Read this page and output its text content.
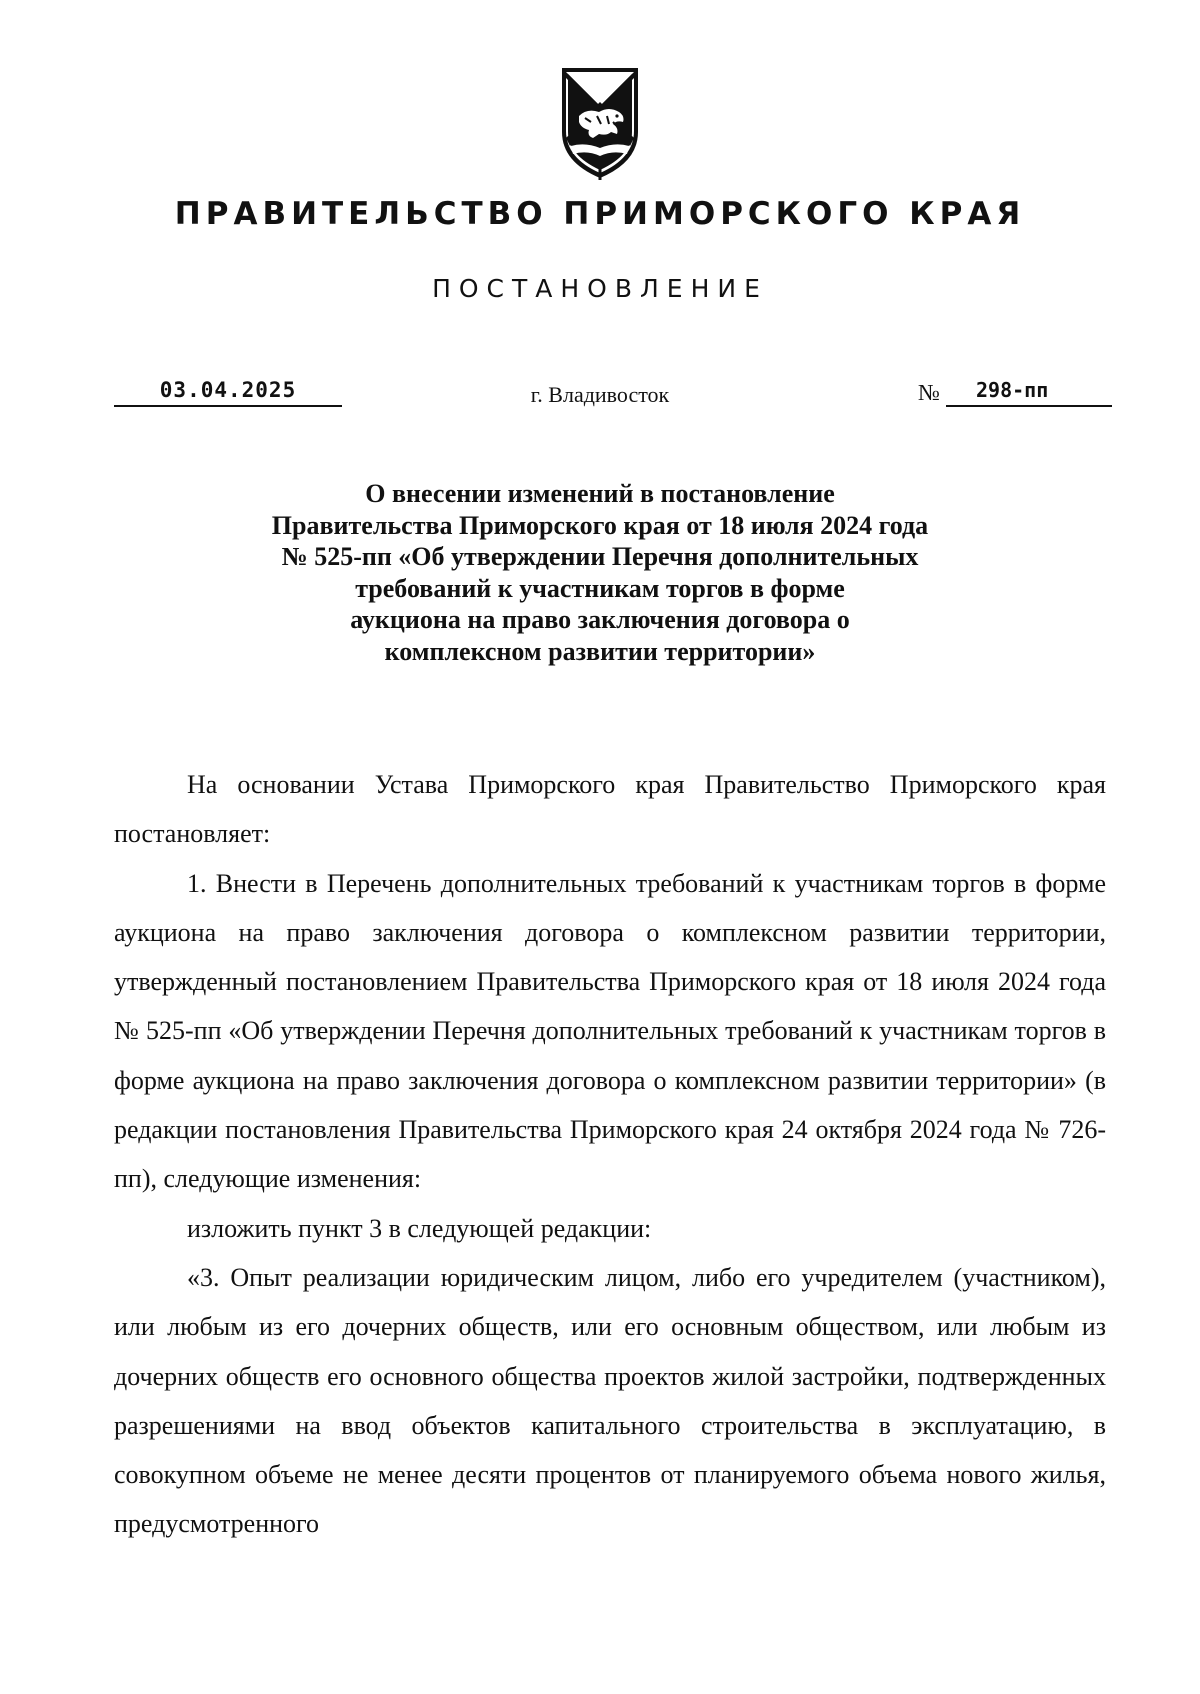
ПРАВИТЕЛЬСТВО ПРИМОРСКОГО КРАЯ
ПОСТАНОВЛЕНИЕ
03.04.2025	г. Владивосток	№	298-пп
О внесении изменений в постановление
Правительства Приморского края от 18 июля 2024 года
№ 525-пп «Об утверждении Перечня дополнительных
требований к участникам торгов в форме
аукциона на право заключения договора о
комплексном развитии территории»

На основании Устава Приморского края Правительство Приморского края постановляет:

1. Внести в Перечень дополнительных требований к участникам торгов в форме аукциона на право заключения договора о комплексном развитии территории, утвержденный постановлением Правительства Приморского края от 18 июля 2024 года № 525-пп «Об утверждении Перечня дополнительных требований к участникам торгов в форме аукциона на право заключения договора о комплексном развитии территории» (в редакции постановления Правительства Приморского края 24 октября 2024 года № 726-пп), следующие изменения:

изложить пункт 3 в следующей редакции:

«3. Опыт реализации юридическим лицом, либо его учредителем (участником), или любым из его дочерних обществ, или его основным обществом, или любым из дочерних обществ его основного общества проектов жилой застройки, подтвержденных разрешениями на ввод объектов капитального строительства в эксплуатацию, в совокупном объеме не менее десяти процентов от планируемого объема нового жилья, предусмотренного
